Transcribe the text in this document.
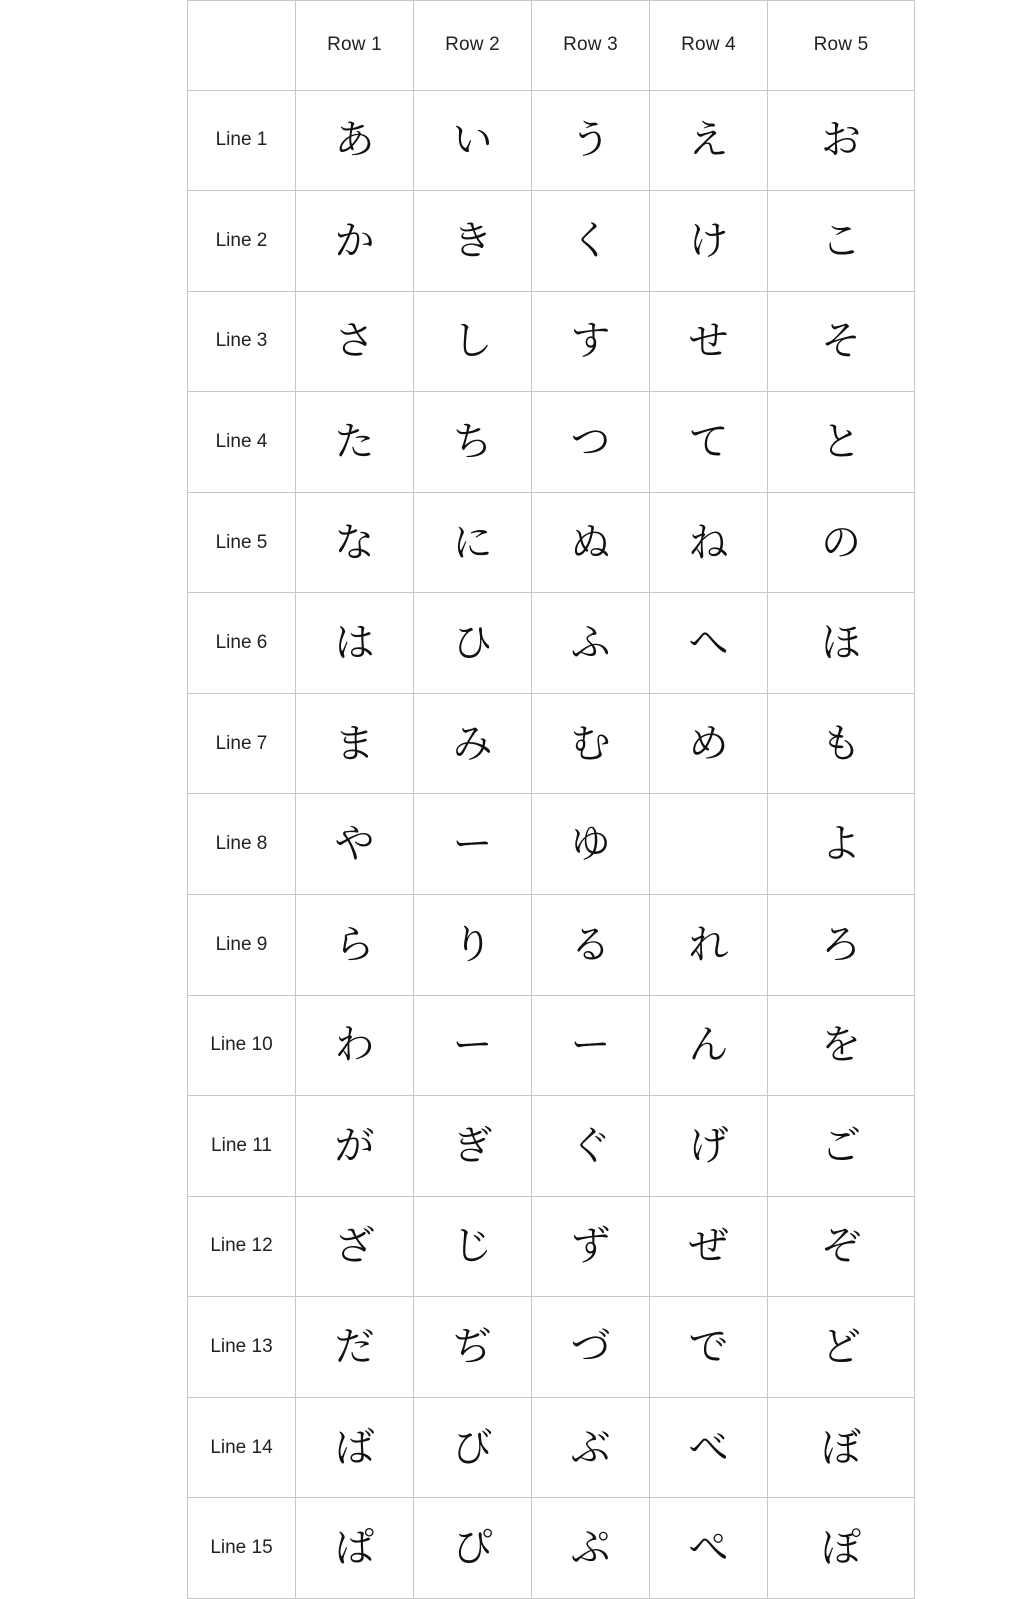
	Row 1	Row 2	Row 3	Row 4	Row 5
Line 1	あ	い	う	え	お
Line 2	か	き	く	け	こ
Line 3	さ	し	す	せ	そ
Line 4	た	ち	つ	て	と
Line 5	な	に	ぬ	ね	の
Line 6	は	ひ	ふ	へ	ほ
Line 7	ま	み	む	め	も
Line 8	や	ー	ゆ		よ
Line 9	ら	り	る	れ	ろ
Line 10	わ	ー	ー	ん	を
Line 11	が	ぎ	ぐ	げ	ご
Line 12	ざ	じ	ず	ぜ	ぞ
Line 13	だ	ぢ	づ	で	ど
Line 14	ば	び	ぶ	べ	ぼ
Line 15	ぱ	ぴ	ぷ	ぺ	ぽ
